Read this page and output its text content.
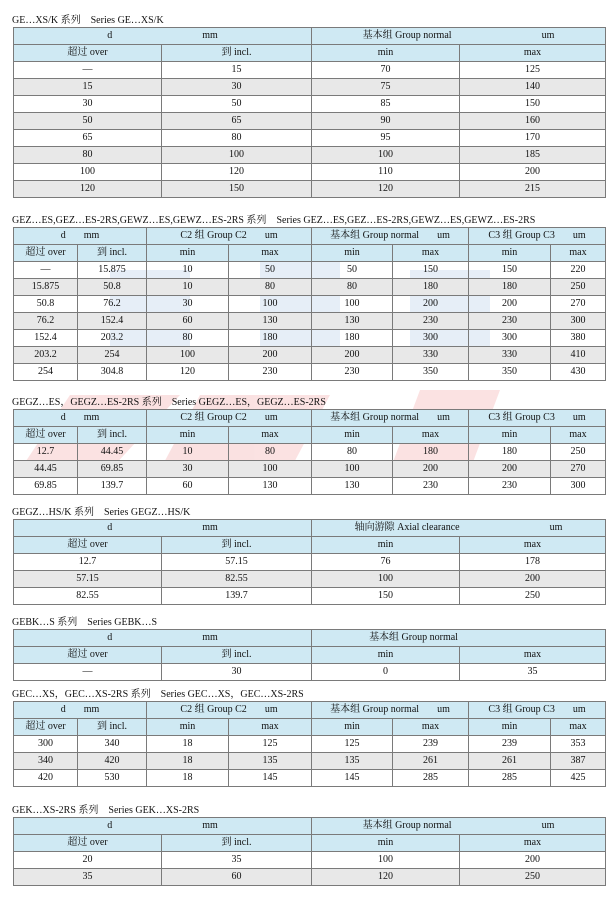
GE…XS/K 系列 Series GE…XS/K
d mm		基本组 Group normal um	
超过 over	到 incl.	min	max
—	15	70	125
15	30	75	140
30	50	85	150
50	65	90	160
65	80	95	170
80	100	100	185
100	120	110	200
120	150	120	215
GEZ…ES,GEZ…ES-2RS,GEWZ…ES,GEWZ…ES-2RS 系列 Series GEZ…ES,GEZ…ES-2RS,GEWZ…ES,GEWZ…ES-2RS
d mm		C2 组 Group C2 um		基本组 Group normal um		C3 组 Group C3 um	
超过 over	到 incl.	min	max	min	max	min	max
—	15.875	10	50	50	150	150	220
15.875	50.8	10	80	80	180	180	250
50.8	76.2	30	100	100	200	200	270
76.2	152.4	60	130	130	230	230	300
152.4	203.2	80	180	180	300	300	380
203.2	254	100	200	200	330	330	410
254	304.8	120	230	230	350	350	430
GEGZ…ES，GEGZ…ES-2RS 系列 Series GEGZ…ES，GEGZ…ES-2RS
d mm		C2 组 Group C2 um		基本组 Group normal um		C3 组 Group C3 um	
超过 over	到 incl.	min	max	min	max	min	max
12.7	44.45	10	80	80	180	180	250
44.45	69.85	30	100	100	200	200	270
69.85	139.7	60	130	130	230	230	300
GEGZ…HS/K 系列 Series GEGZ…HS/K
d mm		轴向游隙 Axial clearance um	
超过 over	到 incl.	min	max
12.7	57.15	76	178
57.15	82.55	100	200
82.55	139.7	150	250
GEBK…S 系列 Series GEBK…S
d mm		基本组 Group normal	
超过 over	到 incl.	min	max
—	30	0	35
GEC…XS，GEC…XS-2RS 系列 Series GEC…XS，GEC…XS-2RS
d mm		C2 组 Group C2 um		基本组 Group normal um		C3 组 Group C3 um	
超过 over	到 incl.	min	max	min	max	min	max
300	340	18	125	125	239	239	353
340	420	18	135	135	261	261	387
420	530	18	145	145	285	285	425
GEK…XS-2RS 系列 Series GEK…XS-2RS
d mm		基本组 Group normal um	
超过 over	到 incl.	min	max
20	35	100	200
35	60	120	250
